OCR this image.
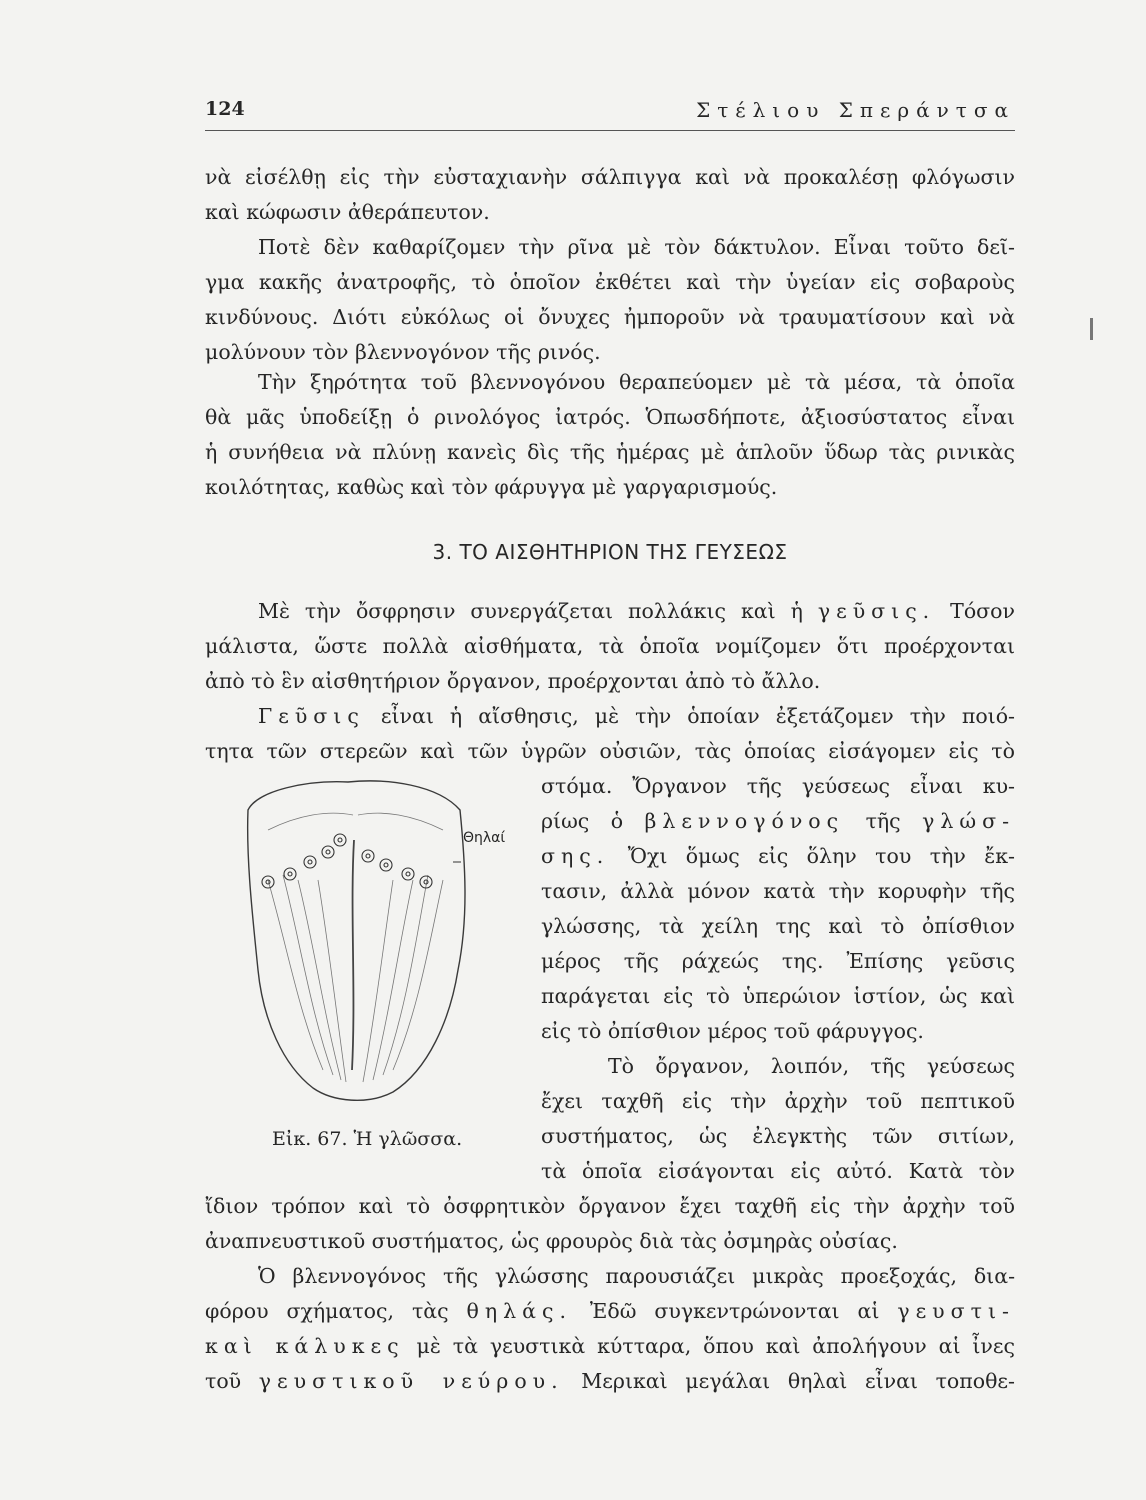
124	Στέλιου Σπεράντσα
νὰ εἰσέλθῃ εἰς τὴν εὐσταχιανὴν σάλπιγγα καὶ νὰ προκαλέσῃ φλόγωσιν
καὶ κώφωσιν ἀθεράπευτον.
Ποτὲ δὲν καθαρίζομεν τὴν ρῖνα μὲ τὸν δάκτυλον. Εἶναι τοῦτο δεῖ-
γμα κακῆς ἀνατροφῆς, τὸ ὁποῖον ἐκθέτει καὶ τὴν ὑγείαν εἰς σοβαροὺς
κινδύνους. Διότι εὐκόλως οἱ ὄνυχες ἠμποροῦν νὰ τραυματίσουν καὶ νὰ
μολύνουν τὸν βλεννογόνον τῆς ρινός.
Τὴν ξηρότητα τοῦ βλεννογόνου θεραπεύομεν μὲ τὰ μέσα, τὰ ὁποῖα
θὰ μᾶς ὑποδείξῃ ὁ ρινολόγος ἰατρός. Ὁπωσδήποτε, ἀξιοσύστατος εἶναι
ἡ συνήθεια νὰ πλύνῃ κανεὶς δὶς τῆς ἡμέρας μὲ ἁπλοῦν ὕδωρ τὰς ρινικὰς
κοιλότητας, καθὼς καὶ τὸν φάρυγγα μὲ γαργαρισμούς.
3. ΤΟ ΑΙΣΘΗΤΗΡΙΟΝ ΤΗΣ ΓΕΥΣΕΩΣ
Μὲ τὴν ὄσφρησιν συνεργάζεται πολλάκις καὶ ἡ γεῦσις. Τόσον
μάλιστα, ὥστε πολλὰ αἰσθήματα, τὰ ὁποῖα νομίζομεν ὅτι προέρχονται
ἀπὸ τὸ ἓν αἰσθητήριον ὄργανον, προέρχονται ἀπὸ τὸ ἄλλο.
Γεῦσις εἶναι ἡ αἴσθησις, μὲ τὴν ὁποίαν ἐξετάζομεν τὴν ποιό-
τητα τῶν στερεῶν καὶ τῶν ὑγρῶν οὐσιῶν, τὰς ὁποίας εἰσάγομεν εἰς τὸ
στόμα. Ὄργανον τῆς γεύσεως εἶναι κυ-
ρίως ὁ βλεννογόνος τῆς γλώσ-
σης. Ὄχι ὅμως εἰς ὅλην του τὴν ἔκ-
τασιν, ἀλλὰ μόνον κατὰ τὴν κορυφὴν τῆς
γλώσσης, τὰ χείλη της καὶ τὸ ὀπίσθιον
μέρος τῆς ράχεώς της. Ἐπίσης γεῦσις
παράγεται εἰς τὸ ὑπερώιον ἱστίον, ὡς καὶ
εἰς τὸ ὀπίσθιον μέρος τοῦ φάρυγγος.
Τὸ ὄργανον, λοιπόν, τῆς γεύσεως
ἔχει ταχθῆ εἰς τὴν ἀρχὴν τοῦ πεπτικοῦ
συστήματος, ὡς ἐλεγκτὴς τῶν σιτίων,
τὰ ὁποῖα εἰσάγονται εἰς αὐτό. Κατὰ τὸν
ἴδιον τρόπον καὶ τὸ ὀσφρητικὸν ὄργανον ἔχει ταχθῆ εἰς τὴν ἀρχὴν τοῦ
ἀναπνευστικοῦ συστήματος, ὡς φρουρὸς διὰ τὰς ὀσμηρὰς οὐσίας.
Ὁ βλεννογόνος τῆς γλώσσης παρουσιάζει μικρὰς προεξοχάς, δια-
φόρου σχήματος, τὰς θηλάς. Ἐδῶ συγκεντρώνονται αἱ γευστι-
καὶ κάλυκες μὲ τὰ γευστικὰ κύτταρα, ὅπου καὶ ἀπολήγουν αἱ ἶνες
τοῦ γευστικοῦ νεύρου. Μερικαὶ μεγάλαι θηλαὶ εἶναι τοποθε-
Θηλαί
Εἰκ. 67. Ἡ γλῶσσα.
